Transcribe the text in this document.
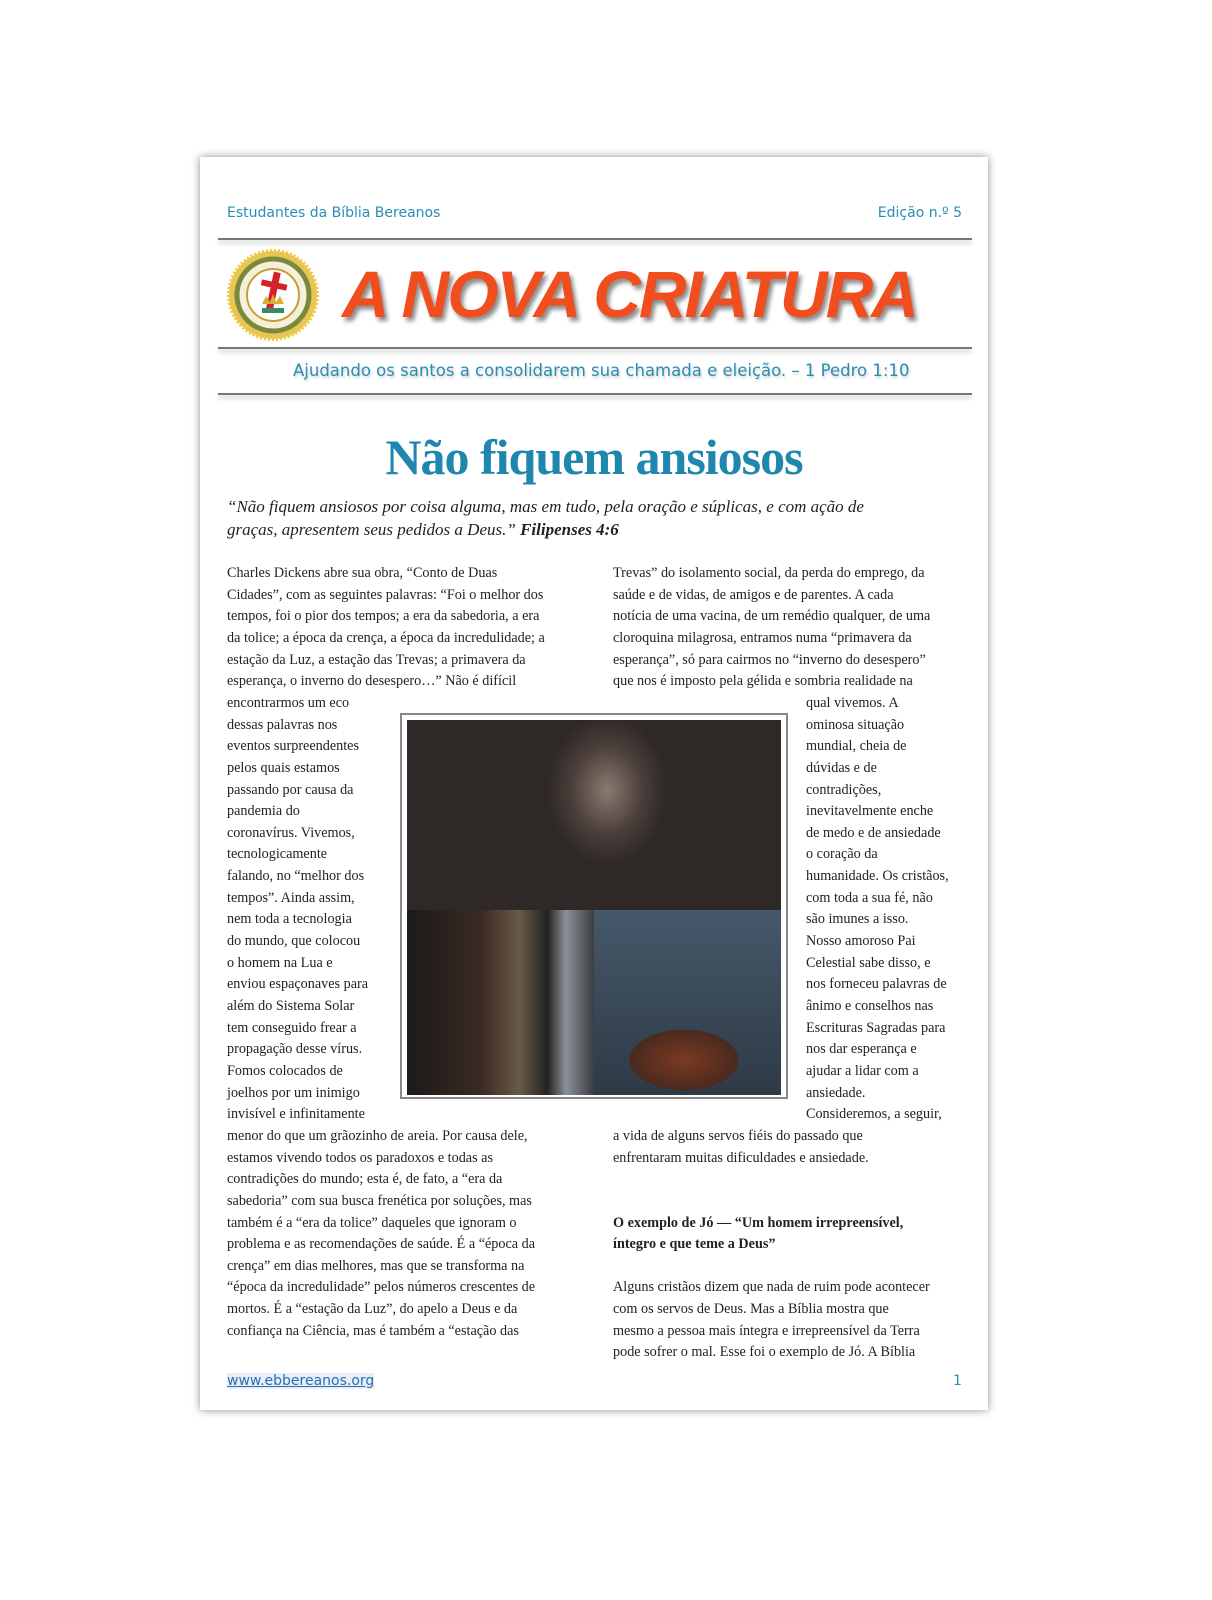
Estudantes da Bíblia Bereanos	Edição n.º 5
A NOVA CRIATURA
Ajudando os santos a consolidarem sua chamada e eleição. – 1 Pedro 1:10
Não fiquem ansiosos
“Não fiquem ansiosos por coisa alguma, mas em tudo, pela oração e súplicas, e com ação de
graças, apresentem seus pedidos a Deus.” Filipenses 4:6
Charles Dickens abre sua obra, “Conto de Duas
Cidades”, com as seguintes palavras: “Foi o melhor dos
tempos, foi o pior dos tempos; a era da sabedoria, a era
da tolice; a época da crença, a época da incredulidade; a
estação da Luz, a estação das Trevas; a primavera da
esperança, o inverno do desespero…” Não é difícil
encontrarmos um eco
dessas palavras nos
eventos surpreendentes
pelos quais estamos
passando por causa da
pandemia do
coronavírus. Vivemos,
tecnologicamente
falando, no “melhor dos
tempos”. Ainda assim,
nem toda a tecnologia
do mundo, que colocou
o homem na Lua e
enviou espaçonaves para
além do Sistema Solar
tem conseguido frear a
propagação desse vírus.
Fomos colocados de
joelhos por um inimigo
invisível e infinitamente
menor do que um grãozinho de areia. Por causa dele,
estamos vivendo todos os paradoxos e todas as
contradições do mundo; esta é, de fato, a “era da
sabedoria” com sua busca frenética por soluções, mas
também é a “era da tolice” daqueles que ignoram o
problema e as recomendações de saúde. É a “época da
crença” em dias melhores, mas que se transforma na
“época da incredulidade” pelos números crescentes de
mortos. É a “estação da Luz”, do apelo a Deus e da
confiança na Ciência, mas é também a “estação das
Trevas” do isolamento social, da perda do emprego, da
saúde e de vidas, de amigos e de parentes. A cada
notícia de uma vacina, de um remédio qualquer, de uma
cloroquina milagrosa, entramos numa “primavera da
esperança”, só para cairmos no “inverno do desespero”
que nos é imposto pela gélida e sombria realidade na
qual vivemos. A
ominosa situação
mundial, cheia de
dúvidas e de
contradições,
inevitavelmente enche
de medo e de ansiedade
o coração da
humanidade. Os cristãos,
com toda a sua fé, não
são imunes a isso.
Nosso amoroso Pai
Celestial sabe disso, e
nos forneceu palavras de
ânimo e conselhos nas
Escrituras Sagradas para
nos dar esperança e
ajudar a lidar com a
ansiedade.
Consideremos, a seguir,
a vida de alguns servos fiéis do passado que
enfrentaram muitas dificuldades e ansiedade.
O exemplo de Jó — “Um homem irrepreensível,
íntegro e que teme a Deus”
Alguns cristãos dizem que nada de ruim pode acontecer
com os servos de Deus. Mas a Bíblia mostra que
mesmo a pessoa mais íntegra e irrepreensível da Terra
pode sofrer o mal. Esse foi o exemplo de Jó. A Bíblia
www.ebbereanos.org	1
